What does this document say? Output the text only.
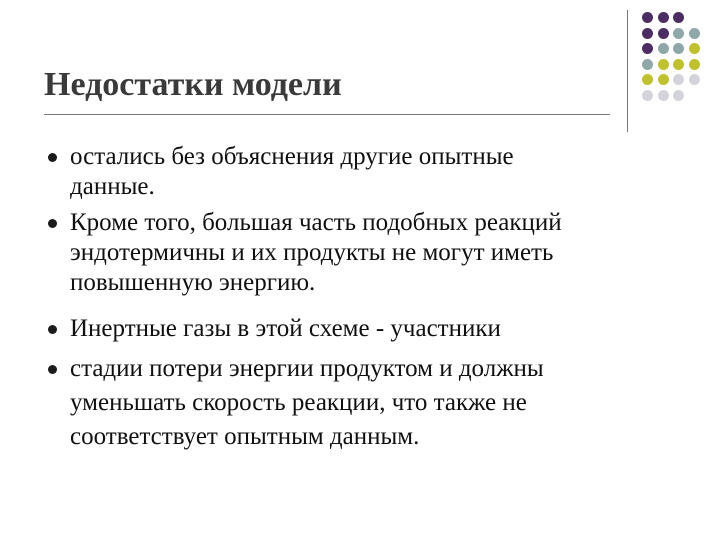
Недостатки модели
остались без объяснения другие опытные
данные.
Кроме того, большая часть подобных реакций
эндотермичны и их продукты не могут иметь
повышенную энергию.
Инертные газы в этой схеме - участники
стадии потери энергии продуктом и должны
уменьшать скорость реакции, что также не
соответствует опытным данным.
